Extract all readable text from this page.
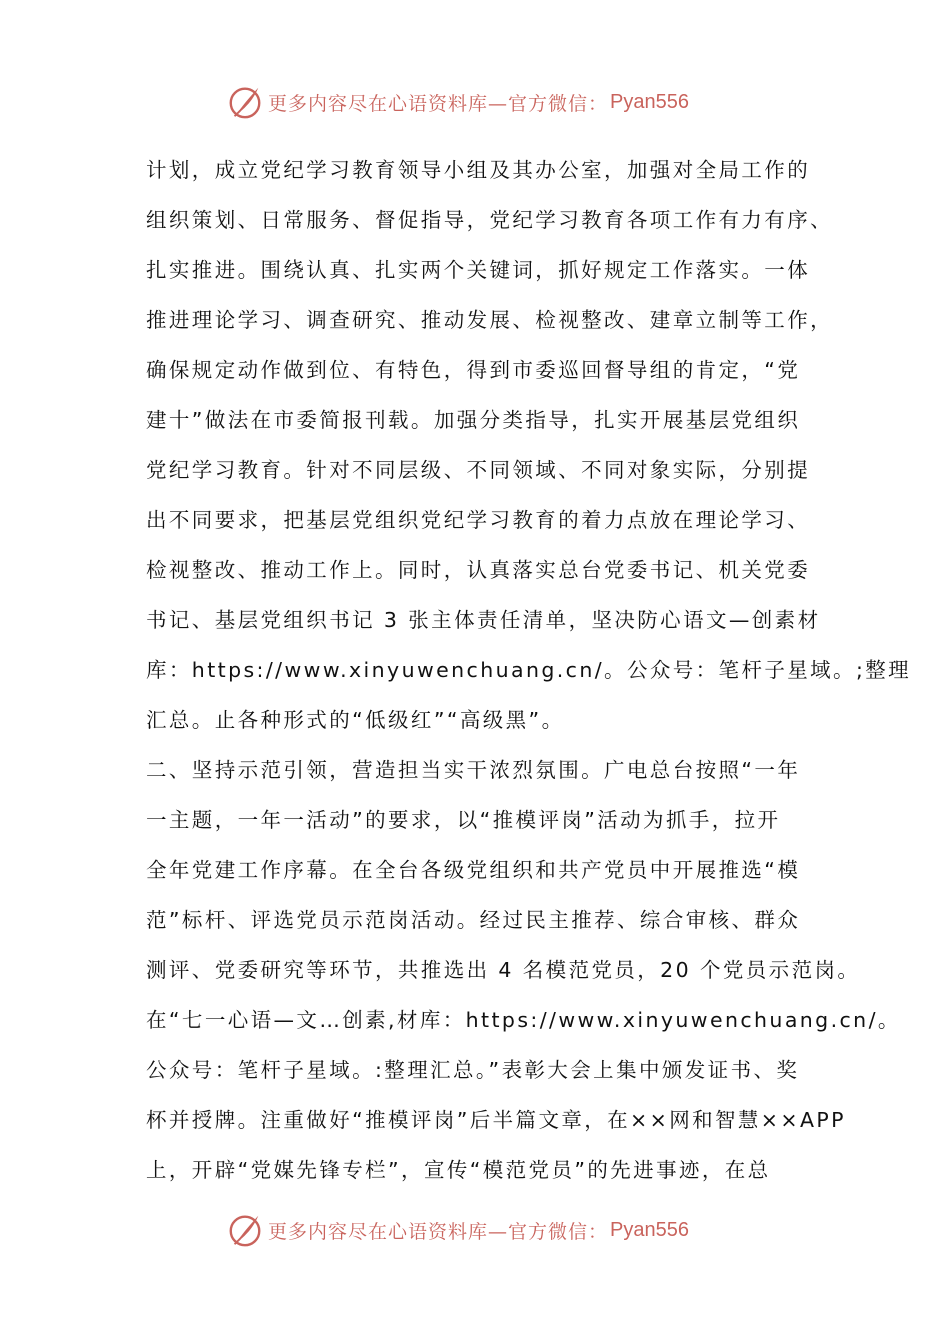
更多内容尽在心语资料库—官方微信： Pyan556
计划，成立党纪学习教育领导小组及其办公室，加强对全局工作的
组织策划、日常服务、督促指导，党纪学习教育各项工作有力有序、
扎实推进。围绕认真、扎实两个关键词，抓好规定工作落实。一体
推进理论学习、调查研究、推动发展、检视整改、建章立制等工作，
确保规定动作做到位、有特色，得到市委巡回督导组的肯定，“党
建十”做法在市委简报刊载。加强分类指导，扎实开展基层党组织
党纪学习教育。针对不同层级、不同领域、不同对象实际，分别提
出不同要求，把基层党组织党纪学习教育的着力点放在理论学习、
检视整改、推动工作上。同时，认真落实总台党委书记、机关党委
书记、基层党组织书记 3 张主体责任清单，坚决防心语文—创素材
库：https://www.xinyuwenchuang.cn/。公众号：笔杆子星域。;整理
汇总。止各种形式的“低级红”“高级黑”。
二、坚持示范引领，营造担当实干浓烈氛围。广电总台按照“一年
一主题，一年一活动”的要求，以“推模评岗”活动为抓手，拉开
全年党建工作序幕。在全台各级党组织和共产党员中开展推选“模
范”标杆、评选党员示范岗活动。经过民主推荐、综合审核、群众
测评、党委研究等环节，共推选出 4 名模范党员，20 个党员示范岗。
在“七一心语—文…创素,材库：https://www.xinyuwenchuang.cn/。
公众号：笔杆子星域。:整理汇总。”表彰大会上集中颁发证书、奖
杯并授牌。注重做好“推模评岗”后半篇文章，在××网和智慧××APP
上，开辟“党媒先锋专栏”，宣传“模范党员”的先进事迹，在总
更多内容尽在心语资料库—官方微信： Pyan556
